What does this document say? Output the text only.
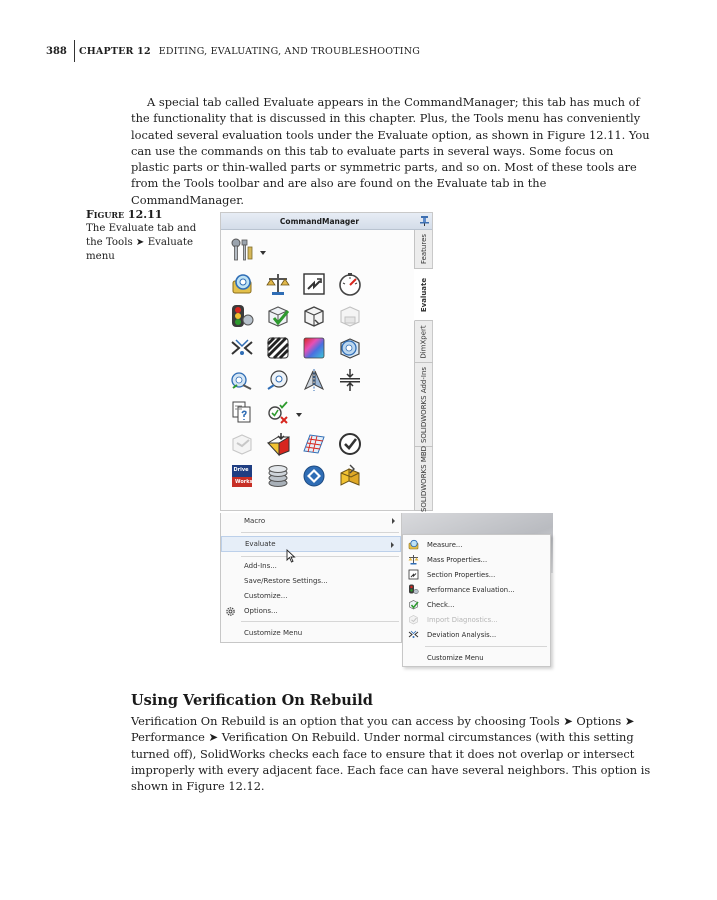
388	CHAPTER 12 EDITING, EVALUATING, AND TROUBLESHOOTING

A special tab called Evaluate appears in the CommandManager; this tab has much of the functionality that is discussed in this chapter. Plus, the Tools menu has conveniently located several evaluation tools under the Evaluate option, as shown in Figure 12.11. You can use the commands on this tab to evaluate parts in several ways. Some focus on plastic parts or thin-walled parts or symmetric parts, and so on. Most of these tools are from the Tools toolbar and are also are found on the Evaluate tab in the CommandManager.

Figure 12.11
The Evaluate tab and the Tools ➤ Evaluate menu
CommandManager
Features
Evaluate
DimXpert
SOLIDWORKS Add-Ins
SOLIDWORKS MBD
Drive
Works
Macro
Evaluate
Add-Ins...
Save/Restore Settings...
Customize...
Options...
Customize Menu
Measure...
Mass Properties...
Section Properties...
Performance Evaluation...
Check...
Import Diagnostics...
Deviation Analysis...
Customize Menu
Using Verification On Rebuild

Verification On Rebuild is an option that you can access by choosing Tools ➤ Options ➤ Performance ➤ Verification On Rebuild. Under normal circumstances (with this setting turned off), SolidWorks checks each face to ensure that it does not overlap or intersect improperly with every adjacent face. Each face can have several neighbors. This option is shown in Figure 12.12.
